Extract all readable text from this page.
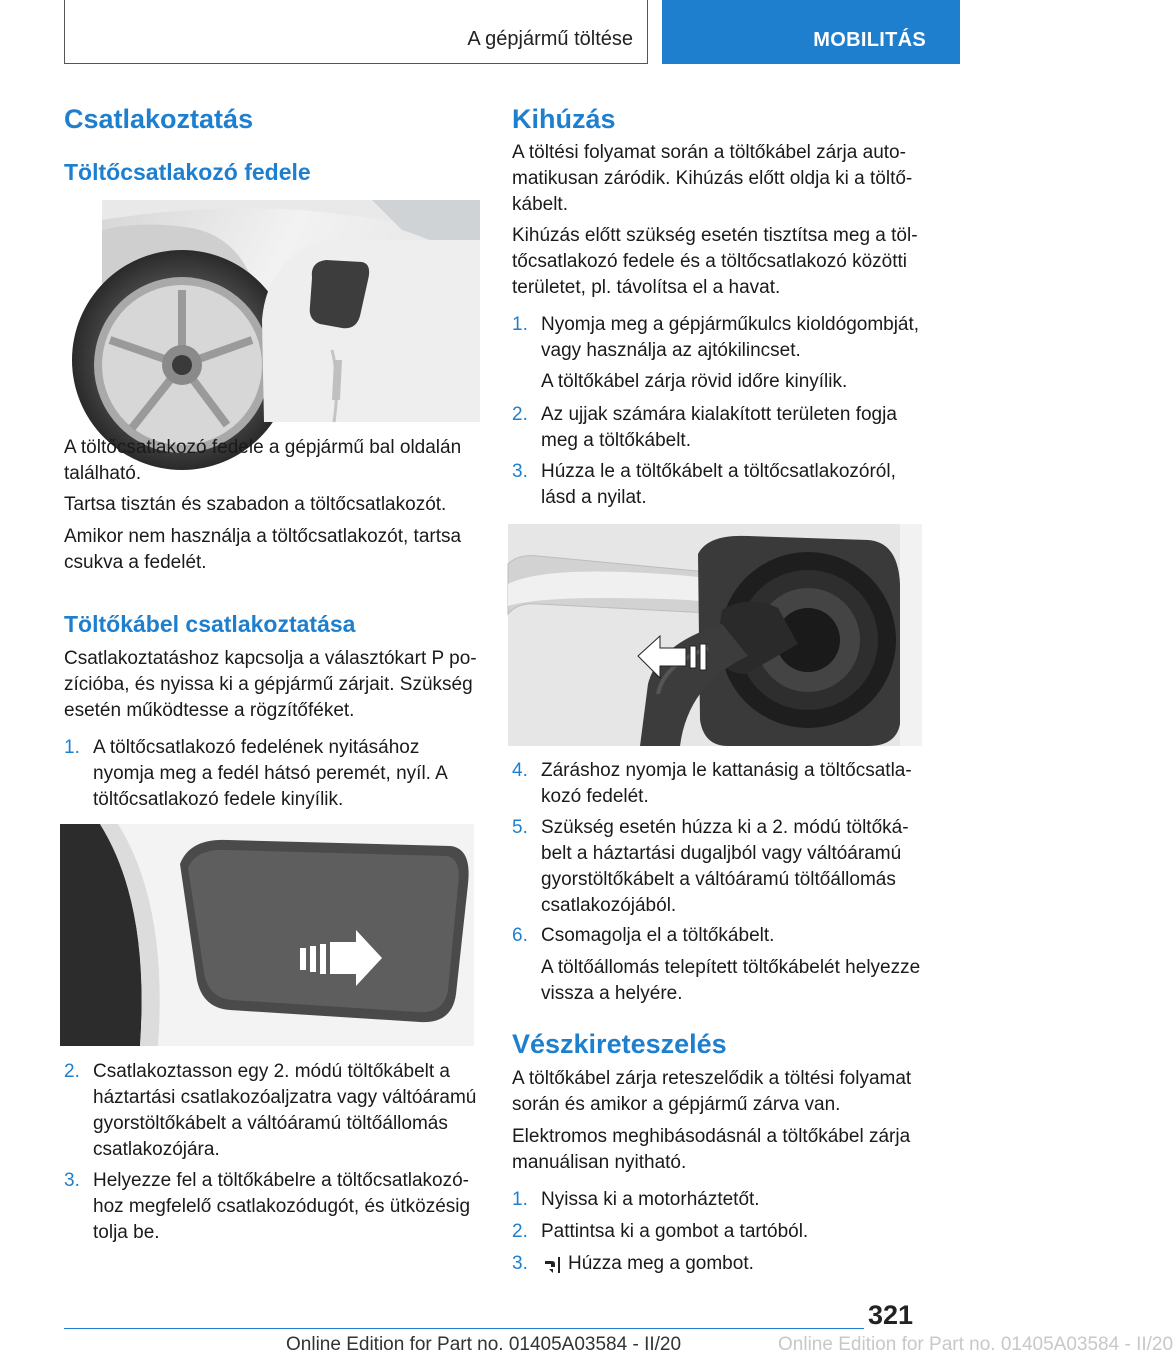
A gépjármű töltése	MOBILITÁS
Csatlakoztatás
Töltőcsatlakozó fedele

A töltőcsatlakozó fedele a gépjármű bal oldalán található.

Tartsa tisztán és szabadon a töltőcsatlakozót.

Amikor nem használja a töltőcsatlakozót, tartsa csukva a fedelét.

Töltőkábel csatlakoztatása

Csatlakoztatáshoz kapcsolja a választókart P po- zícióba, és nyissa ki a gépjármű zárjait. Szükség esetén működtesse a rögzítőféket.

1. A töltőcsatlakozó fedelének nyitásához nyomja meg a fedél hátsó peremét, nyíl. A töltőcsatlakozó fedele kinyílik.
2. Csatlakoztasson egy 2. módú töltőkábelt a háztartási csatlakozóaljzatra vagy váltóáramú gyorstöltőkábelt a váltóáramú töltőállomás csatlakozójára.
3. Helyezze fel a töltőkábelre a töltőcsatlakozó- hoz megfelelő csatlakozódugót, és ütközésig tolja be.
Kihúzás

A töltési folyamat során a töltőkábel zárja auto- matikusan záródik. Kihúzás előtt oldja ki a töltő- kábelt.

Kihúzás előtt szükség esetén tisztítsa meg a töl- tőcsatlakozó fedele és a töltőcsatlakozó közötti területet, pl. távolítsa el a havat.

1. Nyomja meg a gépjárműkulcs kioldógombját, vagy használja az ajtókilincset.
A töltőkábel zárja rövid időre kinyílik.
2. Az ujjak számára kialakított területen fogja meg a töltőkábelt.
3. Húzza le a töltőkábelt a töltőcsatlakozóról, lásd a nyilat.
4. Záráshoz nyomja le kattanásig a töltőcsatla- kozó fedelét.
5. Szükség esetén húzza ki a 2. módú töltőká- belt a háztartási dugaljból vagy váltóáramú gyorstöltőkábelt a váltóáramú töltőállomás csatlakozójából.
6. Csomagolja el a töltőkábelt.
A töltőállomás telepített töltőkábelét helyezze vissza a helyére.
Vészkireteszelés

A töltőkábel zárja reteszelődik a töltési folyamat során és amikor a gépjármű zárva van.

Elektromos meghibásodásnál a töltőkábel zárja manuálisan nyitható.

1. Nyissa ki a motorháztetőt.
2. Pattintsa ki a gombot a tartóból.
3. Húzza meg a gombot.
321
Online Edition for Part no. 01405A03584 - II/20	Online Edition for Part no. 01405A03584 - II/20
